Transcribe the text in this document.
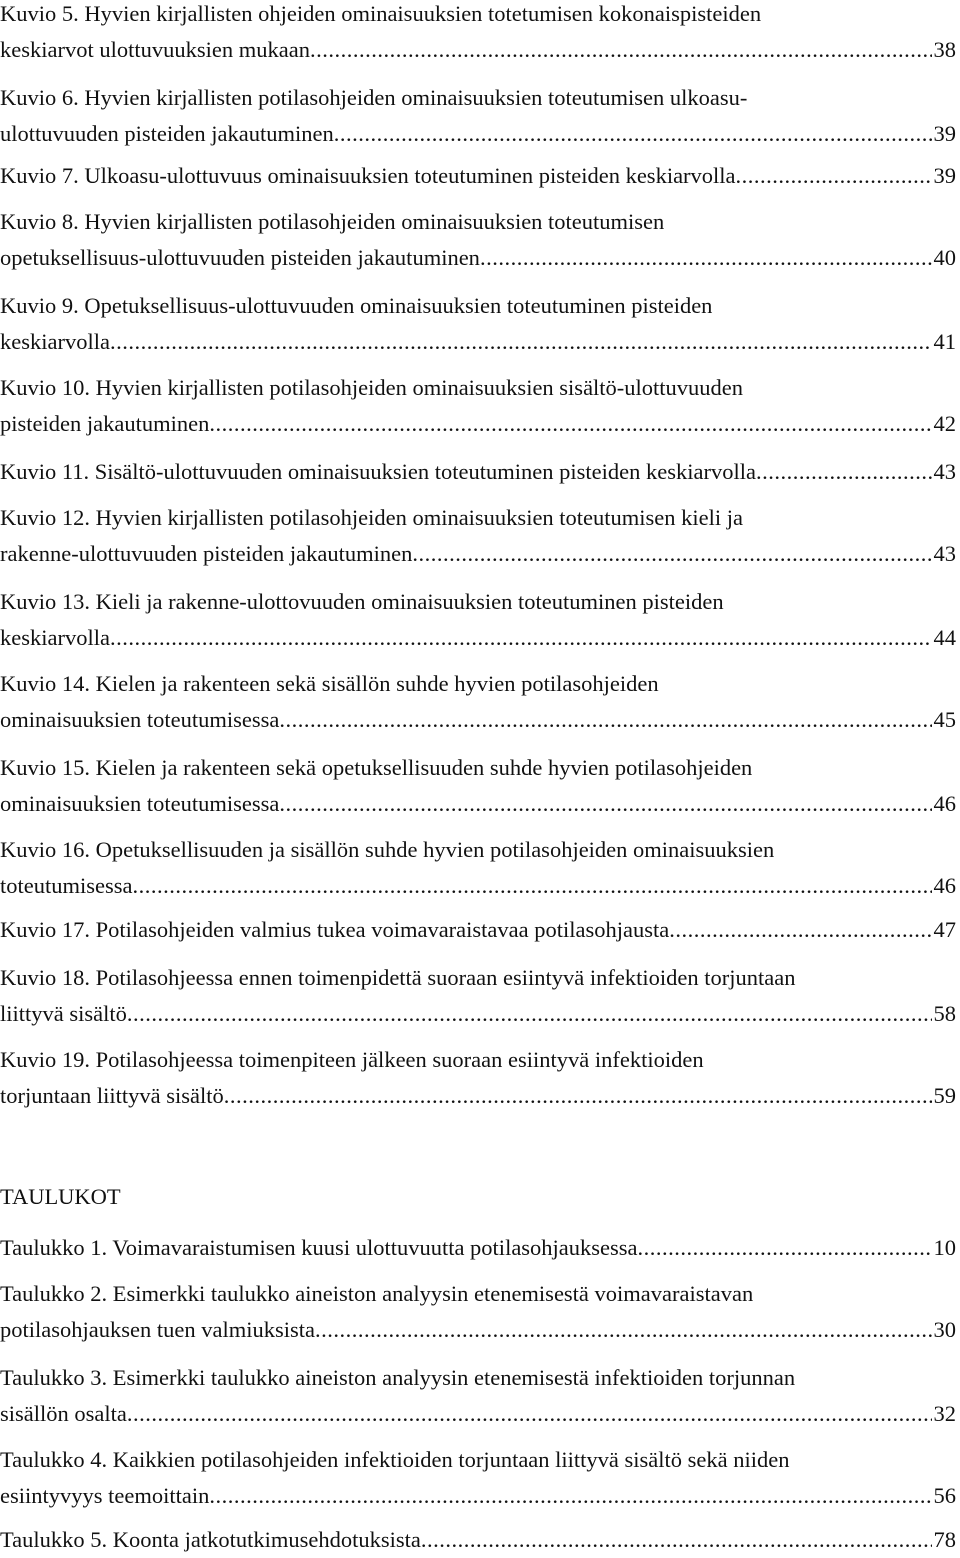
Kuvio 5. Hyvien kirjallisten ohjeiden ominaisuuksien totetumisen kokonaispisteiden
keskiarvot ulottuvuuksien mukaan .....	38
Kuvio 6. Hyvien kirjallisten potilasohjeiden ominaisuuksien toteutumisen ulkoasu-
ulottuvuuden pisteiden jakautuminen .....	39
Kuvio 7. Ulkoasu-ulottuvuus ominaisuuksien toteutuminen pisteiden keskiarvolla .....	39
Kuvio 8. Hyvien kirjallisten potilasohjeiden ominaisuuksien toteutumisen
opetuksellisuus-ulottuvuuden pisteiden jakautuminen .....	40
Kuvio 9. Opetuksellisuus-ulottuvuuden ominaisuuksien toteutuminen pisteiden
keskiarvolla .....	41
Kuvio 10. Hyvien kirjallisten potilasohjeiden ominaisuuksien sisältö-ulottuvuuden
pisteiden jakautuminen .....	42
Kuvio 11. Sisältö-ulottuvuuden ominaisuuksien toteutuminen pisteiden keskiarvolla .....	43
Kuvio 12. Hyvien kirjallisten potilasohjeiden ominaisuuksien toteutumisen kieli ja
rakenne-ulottuvuuden pisteiden jakautuminen .....	43
Kuvio 13. Kieli ja rakenne-ulottovuuden ominaisuuksien toteutuminen pisteiden
keskiarvolla .....	44
Kuvio 14. Kielen ja rakenteen sekä sisällön suhde hyvien potilasohjeiden
ominaisuuksien toteutumisessa .....	45
Kuvio 15. Kielen ja rakenteen sekä opetuksellisuuden suhde hyvien potilasohjeiden
ominaisuuksien toteutumisessa .....	46
Kuvio 16. Opetuksellisuuden ja sisällön suhde hyvien potilasohjeiden ominaisuuksien
toteutumisessa .....	46
Kuvio 17. Potilasohjeiden valmius tukea voimavaraistavaa potilasohjausta .....	47
Kuvio 18. Potilasohjeessa ennen toimenpidettä suoraan esiintyvä infektioiden torjuntaan
liittyvä sisältö .....	58
Kuvio 19. Potilasohjeessa toimenpiteen jälkeen suoraan esiintyvä infektioiden
torjuntaan liittyvä sisältö .....	59
TAULUKOT
Taulukko 1. Voimavaraistumisen kuusi ulottuvuutta potilasohjauksessa .....	10
Taulukko 2. Esimerkki taulukko aineiston analyysin etenemisestä voimavaraistavan
potilasohjauksen tuen valmiuksista .....	30
Taulukko 3. Esimerkki taulukko aineiston analyysin etenemisestä infektioiden torjunnan
sisällön osalta .....	32
Taulukko 4. Kaikkien potilasohjeiden infektioiden torjuntaan liittyvä sisältö sekä niiden
esiintyvyys teemoittain .....	56
Taulukko 5. Koonta jatkotutkimusehdotuksista .....	78
